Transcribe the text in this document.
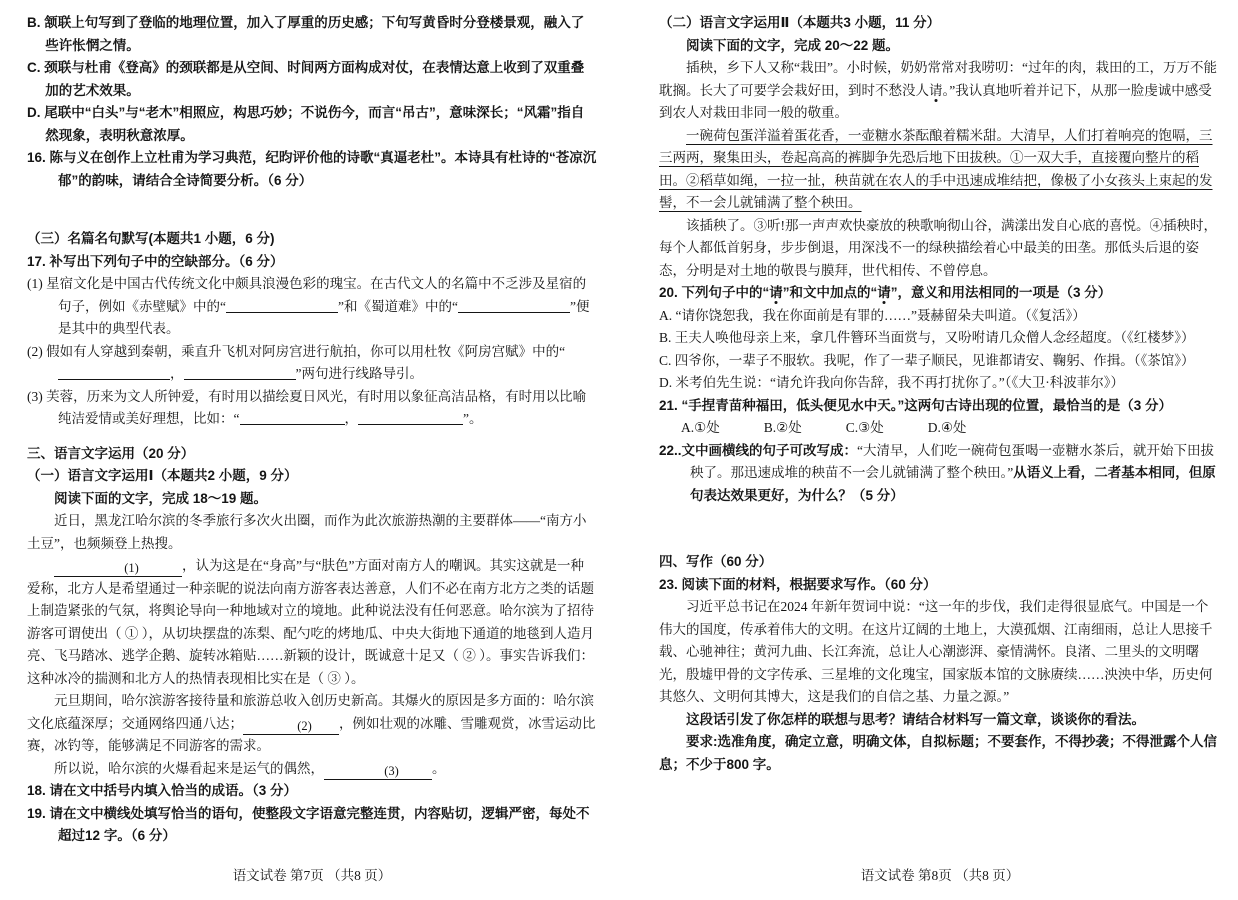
B. 颔联上句写到了登临的地理位置，加入了厚重的历史感；下句写黄昏时分登楼景观，融入了些许怅惘之情。

C. 颈联与杜甫《登高》的颈联都是从空间、时间两方面构成对仗，在表情达意上收到了双重叠加的艺术效果。

D. 尾联中“白头”与“老木”相照应，构思巧妙；不说伤今，而言“吊古”，意味深长；“风霜”指自然现象，表明秋意浓厚。

16. 陈与义在创作上立杜甫为学习典范，纪昀评价他的诗歌“真逼老杜”。本诗具有杜诗的“苍凉沉郁”的韵味，请结合全诗简要分析。（6 分）

（三）名篇名句默写(本题共1 小题，6 分)

17. 补写出下列句子中的空缺部分。（6 分）

(1) 星宿文化是中国古代传统文化中颇具浪漫色彩的瑰宝。在古代文人的名篇中不乏涉及星宿的句子，例如《赤壁赋》中的“	”和《蜀道难》中的“	”便是其中的典型代表。

(2) 假如有人穿越到秦朝，乘直升飞机对阿房宫进行航拍，你可以用杜牧《阿房宫赋》中的“，	”两句进行线路导引。

(3) 芙蓉，历来为文人所钟爱，有时用以描绘夏日风光，有时用以象征高洁品格，有时用以比喻纯洁爱情或美好理想，比如：“	，	”。

三、语言文字运用（20 分）

（一）语言文字运用Ⅰ（本题共2 小题，9 分）

阅读下面的文字，完成 18～19 题。

近日，黑龙江哈尔滨的冬季旅行多次火出圈，而作为此次旅游热潮的主要群体——“南方小土豆”，也频频登上热搜。

(1)	，认为这是在“身高”与“肤色”方面对南方人的嘲讽。其实这就是一种爱称，北方人是希望通过一种亲昵的说法向南方游客表达善意，人们不必在南方北方之类的话题上制造紧张的气氛，将舆论导向一种地域对立的境地。此种说法没有任何恶意。哈尔滨为了招待游客可谓使出（ ① ），从切块摆盘的冻梨、配勺吃的烤地瓜、中央大街地下通道的地毯到人造月亮、飞马踏冰、逃学企鹅、旋转冰箱贴……新颖的设计，既诚意十足又（ ② ）。事实告诉我们：这种冰冷的揣测和北方人的热情表现相比实在是（ ③ ）。

元旦期间，哈尔滨游客接待量和旅游总收入创历史新高。其爆火的原因是多方面的：哈尔滨文化底蕴深厚；交通网络四通八达；	(2) ，例如壮观的冰雕、雪雕观赏，冰雪运动比赛，冰钓等，能够满足不同游客的需求。

所以说，哈尔滨的火爆看起来是运气的偶然，	(3) 。

18. 请在文中括号内填入恰当的成语。（3 分）

19. 请在文中横线处填写恰当的语句，使整段文字语意完整连贯，内容贴切，逻辑严密，每处不超过12 字。（6 分）

语文试卷 第7页 （共8 页）

（二）语言文字运用Ⅱ（本题共3 小题，11 分）

阅读下面的文字，完成 20～22 题。

插秧，乡下人又称“栽田”。小时候，奶奶常常对我唠叨：“过年的肉，栽田的工，万万不能耽搁。长大了可要学会栽好田，到时不愁没人请。”我认真地听着并记下，从那一脸虔诚中感受到农人对栽田非同一般的敬重。

一碗荷包蛋洋溢着蛋花香，一壶糖水茶酝酿着糯米甜。大清早，人们打着响亮的饱嗝，三三两两，聚集田头，卷起高高的裤脚争先恐后地下田拔秧。①一双大手，直接覆向整片的稻田。②稻草如绳，一拉一扯，秧苗就在农人的手中迅速成堆结把，像极了小女孩头上束起的发髻，不一会儿就铺满了整个秧田。

该插秧了。③听!那一声声欢快豪放的秧歌响彻山谷，满漾出发自心底的喜悦。④插秧时，每个人都低首躬身，步步倒退，用深浅不一的绿秧描绘着心中最美的田垄。那低头后退的姿态，分明是对土地的敬畏与膜拜，世代相传、不曾停息。

20. 下列句子中的“请”和文中加点的“请”，意义和用法相同的一项是（3 分）

A. “请你饶恕我，我在你面前是有罪的……”聂赫留朵夫叫道。（《复活》）

B. 王夫人唤他母亲上来，拿几件簪环当面赏与，又吩咐请几众僧人念经超度。（《红楼梦》）

C. 四爷你，一辈子不服软。我呢，作了一辈子顺民，见谁都请安、鞠躬、作揖。（《茶馆》）

D. 米考伯先生说：“请允许我向你告辞，我不再打扰你了。”（《大卫·科波菲尔》）

21. “手捏青苗种福田，低头便见水中天。”这两句古诗出现的位置，最恰当的是（3 分）

A.①处	B.②处	C.③处	D.④处

22..文中画横线的句子可改写成：“大清早，人们吃一碗荷包蛋喝一壶糖水茶后，就开始下田拔秧了。那迅速成堆的秧苗不一会儿就铺满了整个秧田。”从语义上看，二者基本相同，但原句表达效果更好，为什么？（5 分）

四、写作（60 分）

23. 阅读下面的材料，根据要求写作。（60 分）

习近平总书记在2024 年新年贺词中说：“这一年的步伐，我们走得很显底气。中国是一个伟大的国度，传承着伟大的文明。在这片辽阔的土地上，大漠孤烟、江南细雨，总让人思接千载、心驰神往；黄河九曲、长江奔流，总让人心潮澎湃、豪情满怀。良渚、二里头的文明曙光，殷墟甲骨的文字传承、三星堆的文化瑰宝，国家版本馆的文脉赓续……泱泱中华，历史何其悠久、文明何其博大，这是我们的自信之基、力量之源。”

这段话引发了你怎样的联想与思考？请结合材料写一篇文章，谈谈你的看法。

要求:选准角度，确定立意，明确文体，自拟标题；不要套作，不得抄袭；不得泄露个人信息；不少于800 字。

语文试卷 第8页 （共8 页）
